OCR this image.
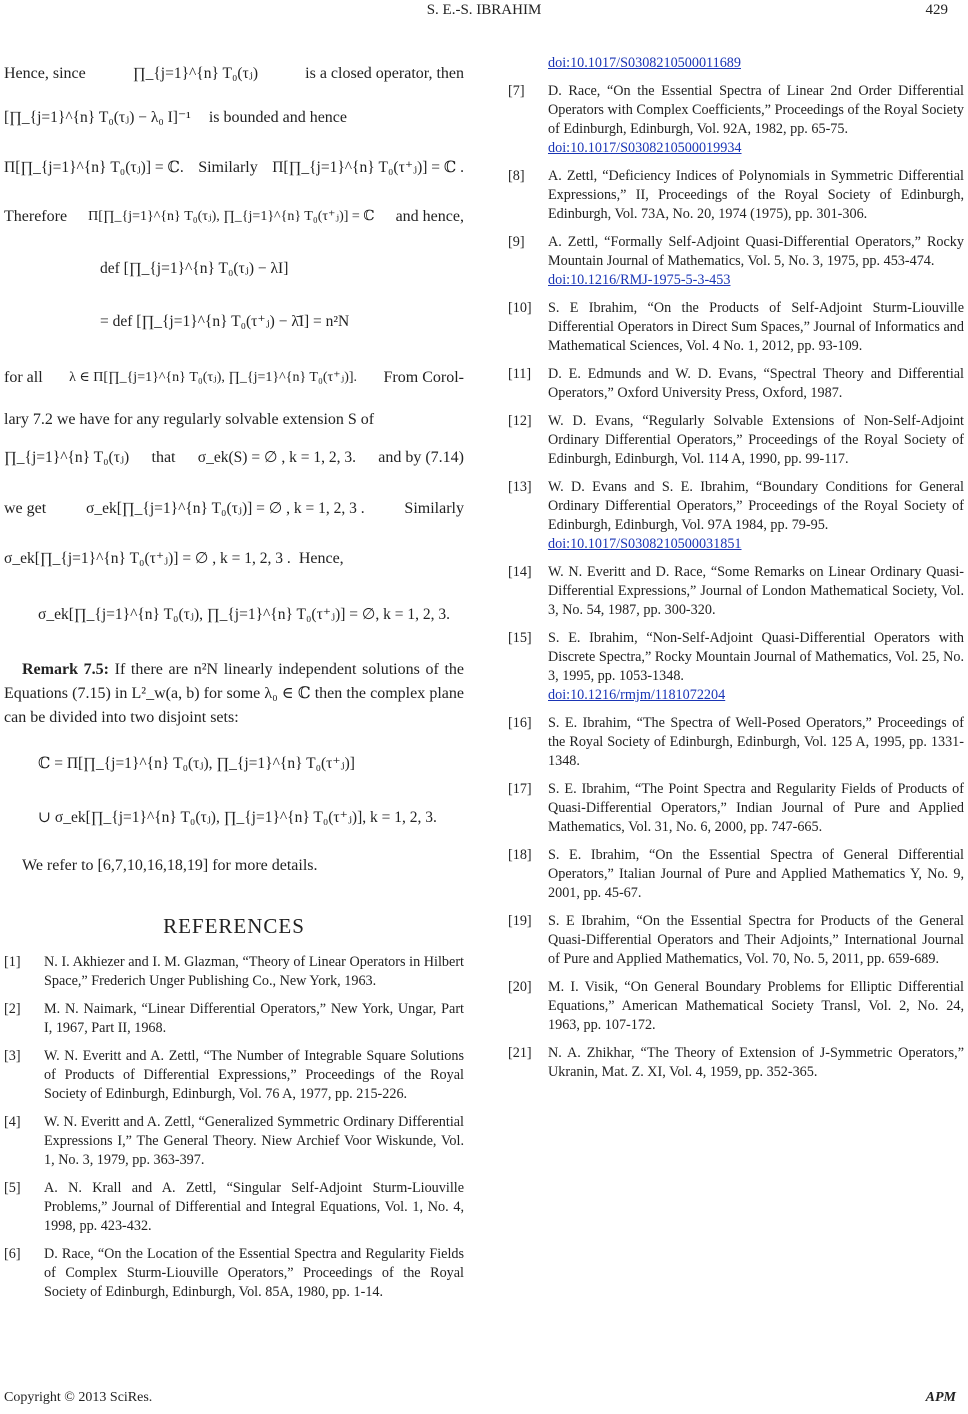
S. E.-S. IBRAHIM	429
Hence, since	∏_{j=1}^{n} T₀(τⱼ)	is a closed operator, then
[∏_{j=1}^{n} T₀(τⱼ) − λ₀ I]⁻¹ is bounded and hence
Π[∏_{j=1}^{n} T₀(τⱼ)] = ℂ. Similarly Π[∏_{j=1}^{n} T₀(τ⁺ⱼ)] = ℂ .
Therefore Π[∏_{j=1}^{n} T₀(τⱼ), ∏_{j=1}^{n} T₀(τ⁺ⱼ)] = ℂ and hence,
def [∏_{j=1}^{n} T₀(τⱼ) − λI]
= def [∏_{j=1}^{n} T₀(τ⁺ⱼ) − λ̄I] = n²N
for all λ ∈ Π[∏_{j=1}^{n} T₀(τⱼ), ∏_{j=1}^{n} T₀(τ⁺ⱼ)]. From Corol-

lary 7.2 we have for any regularly solvable extension S of

∏_{j=1}^{n} T₀(τⱼ) that σ_ek(S) = ∅ , k = 1, 2, 3. and by (7.14)
we get	σ_ek[∏_{j=1}^{n} T₀(τⱼ)] = ∅ , k = 1, 2, 3 . Similarly
σ_ek[∏_{j=1}^{n} T₀(τ⁺ⱼ)] = ∅ , k = 1, 2, 3 . Hence,
σ_ek[∏_{j=1}^{n} T₀(τⱼ), ∏_{j=1}^{n} T₀(τ⁺ⱼ)] = ∅, k = 1, 2, 3.

Remark 7.5: If there are n²N linearly independent solutions of the Equations (7.15) in L²_w(a, b) for some λ₀ ∈ ℂ then the complex plane can be divided into two disjoint sets:

ℂ = Π[∏_{j=1}^{n} T₀(τⱼ), ∏_{j=1}^{n} T₀(τ⁺ⱼ)]
∪ σ_ek[∏_{j=1}^{n} T₀(τⱼ), ∏_{j=1}^{n} T₀(τ⁺ⱼ)], k = 1, 2, 3.

We refer to [6,7,10,16,18,19] for more details.

REFERENCES
[1]	N. I. Akhiezer and I. M. Glazman, “Theory of Linear Operators in Hilbert Space,” Frederich Unger Publishing Co., New York, 1963.
[2]	M. N. Naimark, “Linear Differential Operators,” New York, Ungar, Part I, 1967, Part II, 1968.
[3]	W. N. Everitt and A. Zettl, “The Number of Integrable Square Solutions of Products of Differential Expressions,” Proceedings of the Royal Society of Edinburgh, Edinburgh, Vol. 76 A, 1977, pp. 215-226.
[4]	W. N. Everitt and A. Zettl, “Generalized Symmetric Ordinary Differential Expressions I,” The General Theory. Niew Archief Voor Wiskunde, Vol. 1, No. 3, 1979, pp. 363-397.
[5]	A. N. Krall and A. Zettl, “Singular Self-Adjoint Sturm-Liouville Problems,” Journal of Differential and Integral Equations, Vol. 1, No. 4, 1998, pp. 423-432.
[6]	D. Race, “On the Location of the Essential Spectra and Regularity Fields of Complex Sturm-Liouville Operators,” Proceedings of the Royal Society of Edinburgh, Edinburgh, Vol. 85A, 1980, pp. 1-14.
doi:10.1017/S0308210500011689
[7]	D. Race, “On the Essential Spectra of Linear 2nd Order Differential Operators with Complex Coefficients,” Proceedings of the Royal Society of Edinburgh, Edinburgh, Vol. 92A, 1982, pp. 65-75.
doi:10.1017/S0308210500019934
[8]	A. Zettl, “Deficiency Indices of Polynomials in Symmetric Differential Expressions,” II, Proceedings of the Royal Society of Edinburgh, Edinburgh, Vol. 73A, No. 20, 1974 (1975), pp. 301-306.
[9]	A. Zettl, “Formally Self-Adjoint Quasi-Differential Operators,” Rocky Mountain Journal of Mathematics, Vol. 5, No. 3, 1975, pp. 453-474.
doi:10.1216/RMJ-1975-5-3-453
[10]	S. E Ibrahim, “On the Products of Self-Adjoint Sturm-Liouville Differential Operators in Direct Sum Spaces,” Journal of Informatics and Mathematical Sciences, Vol. 4 No. 1, 2012, pp. 93-109.
[11]	D. E. Edmunds and W. D. Evans, “Spectral Theory and Differential Operators,” Oxford University Press, Oxford, 1987.
[12]	W. D. Evans, “Regularly Solvable Extensions of Non-Self-Adjoint Ordinary Differential Operators,” Proceedings of the Royal Society of Edinburgh, Edinburgh, Vol. 114 A, 1990, pp. 99-117.
[13]	W. D. Evans and S. E. Ibrahim, “Boundary Conditions for General Ordinary Differential Operators,” Proceedings of the Royal Society of Edinburgh, Edinburgh, Vol. 97A 1984, pp. 79-95.
doi:10.1017/S0308210500031851
[14]	W. N. Everitt and D. Race, “Some Remarks on Linear Ordinary Quasi-Differential Expressions,” Journal of London Mathematical Society, Vol. 3, No. 54, 1987, pp. 300-320.
[15]	S. E. Ibrahim, “Non-Self-Adjoint Quasi-Differential Operators with Discrete Spectra,” Rocky Mountain Journal of Mathematics, Vol. 25, No. 3, 1995, pp. 1053-1348.
doi:10.1216/rmjm/1181072204
[16]	S. E. Ibrahim, “The Spectra of Well-Posed Operators,” Proceedings of the Royal Society of Edinburgh, Edinburgh, Vol. 125 A, 1995, pp. 1331-1348.
[17]	S. E. Ibrahim, “The Point Spectra and Regularity Fields of Products of Quasi-Differential Operators,” Indian Journal of Pure and Applied Mathematics, Vol. 31, No. 6, 2000, pp. 747-665.
[18]	S. E. Ibrahim, “On the Essential Spectra of General Differential Operators,” Italian Journal of Pure and Applied Mathematics Y, No. 9, 2001, pp. 45-67.
[19]	S. E Ibrahim, “On the Essential Spectra for Products of the General Quasi-Differential Operators and Their Adjoints,” International Journal of Pure and Applied Mathematics, Vol. 70, No. 5, 2011, pp. 659-689.
[20]	M. I. Visik, “On General Boundary Problems for Elliptic Differential Equations,” American Mathematical Society Transl, Vol. 2, No. 24, 1963, pp. 107-172.
[21]	N. A. Zhikhar, “The Theory of Extension of J-Symmetric Operators,” Ukranin, Mat. Z. XI, Vol. 4, 1959, pp. 352-365.
Copyright © 2013 SciRes.	APM
